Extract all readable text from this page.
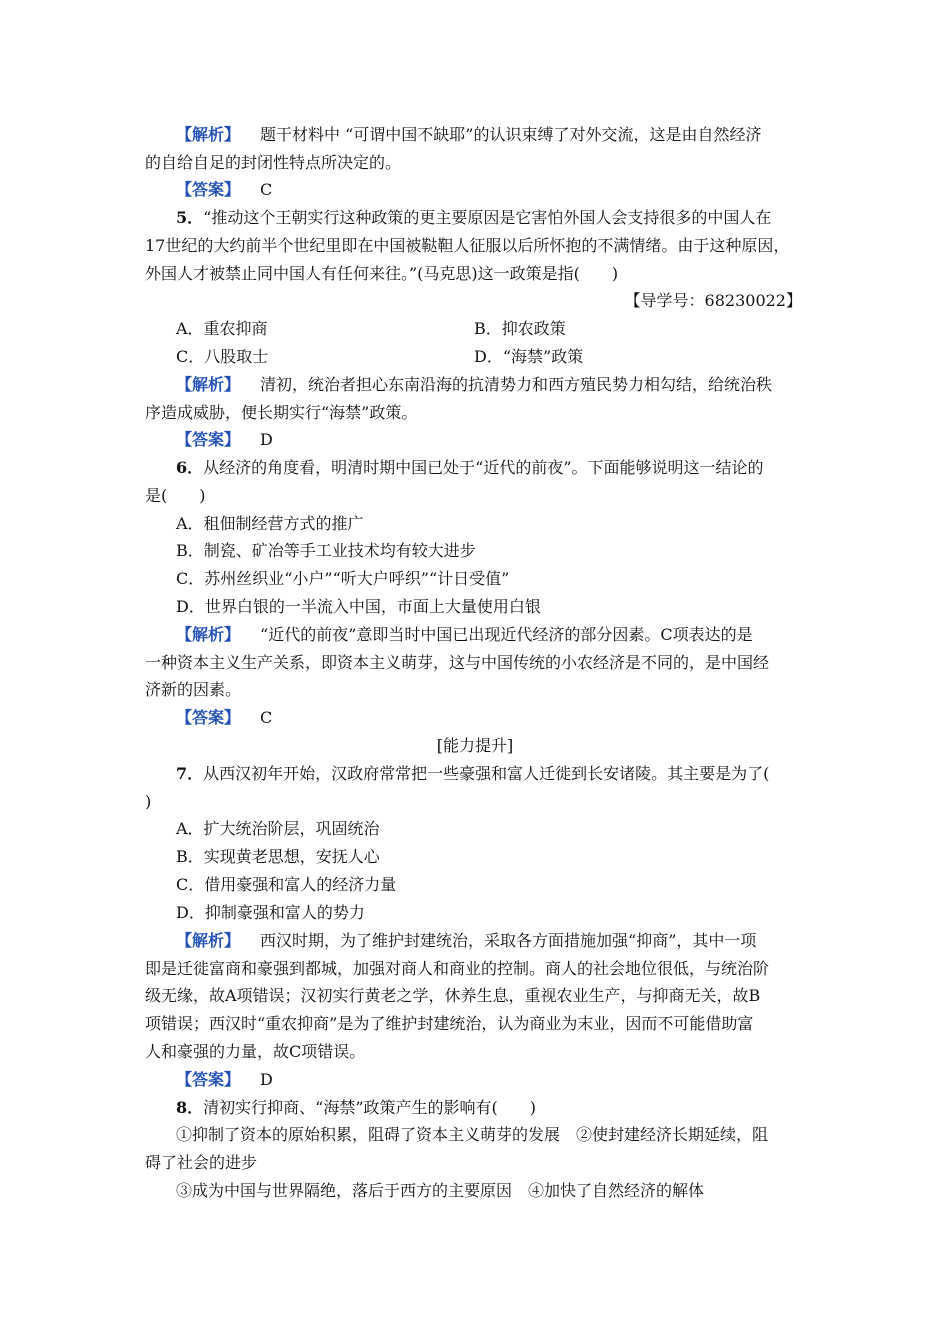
【解析】 题干材料中 “可谓中国不缺耶”的认识束缚了对外交流，这是由自然经济
的自给自足的封闭性特点所决定的。
【答案】 C
5．“推动这个王朝实行这种政策的更主要原因是它害怕外国人会支持很多的中国人在
17世纪的大约前半个世纪里即在中国被鞑靼人征服以后所怀抱的不满情绪。由于这种原因，
外国人才被禁止同中国人有任何来往。”(马克思)这一政策是指(　　)
【导学号：68230022】
A．重农抑商	B．抑农政策
C．八股取士	D．“海禁”政策
【解析】 清初，统治者担心东南沿海的抗清势力和西方殖民势力相勾结，给统治秩
序造成威胁，便长期实行“海禁”政策。
【答案】 D
6．从经济的角度看，明清时期中国已处于“近代的前夜”。下面能够说明这一结论的
是(　　)
A．租佃制经营方式的推广
B．制瓷、矿冶等手工业技术均有较大进步
C．苏州丝织业“小户”“听大户呼织”“计日受值”
D．世界白银的一半流入中国，市面上大量使用白银
【解析】 “近代的前夜”意即当时中国已出现近代经济的部分因素。C项表达的是
一种资本主义生产关系，即资本主义萌芽，这与中国传统的小农经济是不同的，是中国经
济新的因素。
【答案】 C
[能力提升]
7．从西汉初年开始，汉政府常常把一些豪强和富人迁徙到长安诸陵。其主要是为了(
)
A．扩大统治阶层，巩固统治
B．实现黄老思想，安抚人心
C．借用豪强和富人的经济力量
D．抑制豪强和富人的势力
【解析】 西汉时期，为了维护封建统治，采取各方面措施加强“抑商”，其中一项
即是迁徙富商和豪强到都城，加强对商人和商业的控制。商人的社会地位很低，与统治阶
级无缘，故A项错误；汉初实行黄老之学，休养生息，重视农业生产，与抑商无关，故B
项错误；西汉时“重农抑商”是为了维护封建统治，认为商业为末业，因而不可能借助富
人和豪强的力量，故C项错误。
【答案】 D
8．清初实行抑商、“海禁”政策产生的影响有(　　)
①抑制了资本的原始积累，阻碍了资本主义萌芽的发展　②使封建经济长期延续，阻
碍了社会的进步
③成为中国与世界隔绝，落后于西方的主要原因　④加快了自然经济的解体
